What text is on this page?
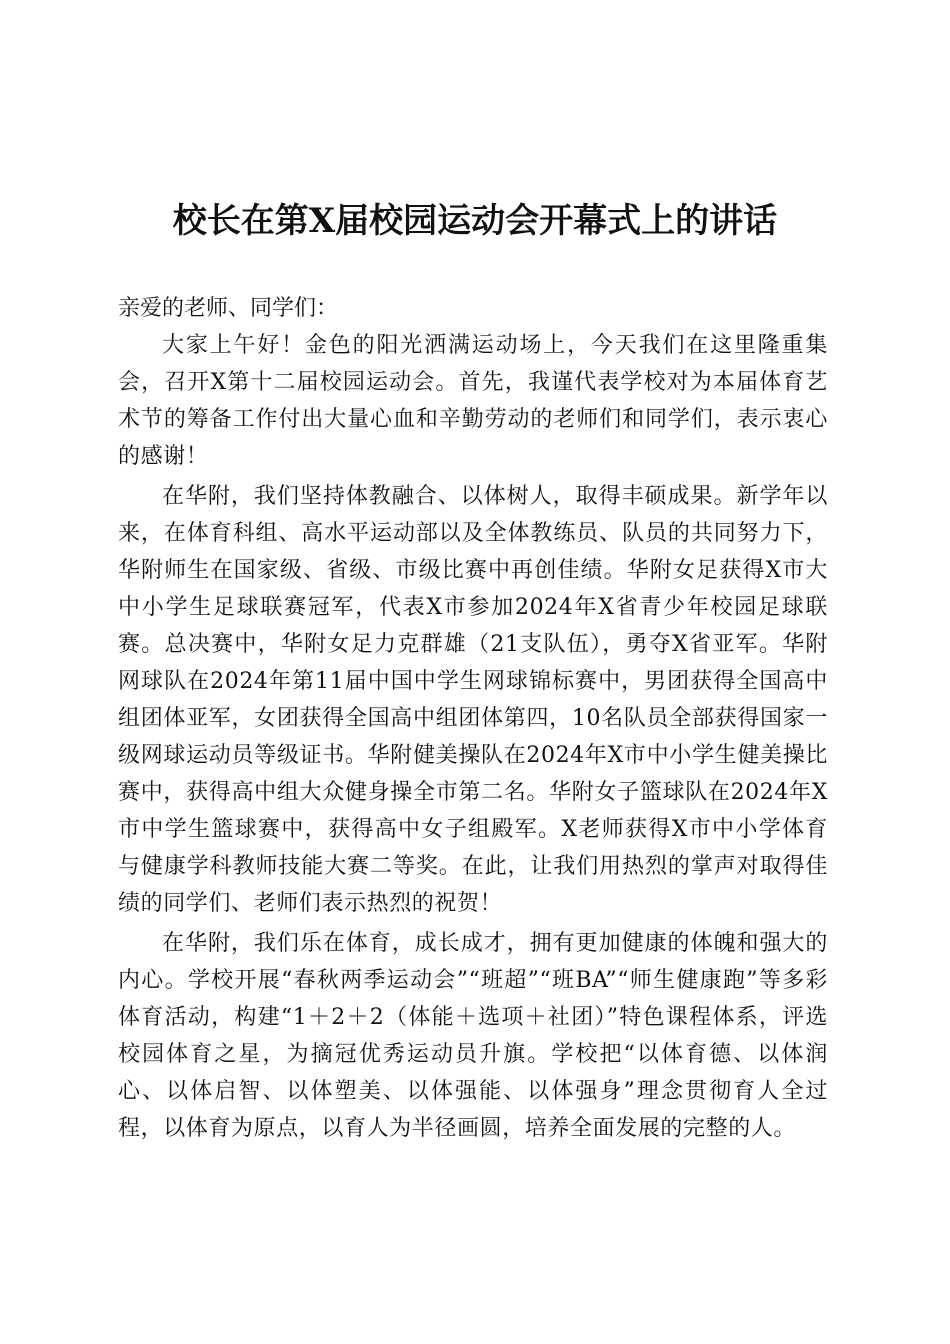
校长在第X届校园运动会开幕式上的讲话

亲爱的老师、同学们：

大家上午好！金色的阳光洒满运动场上，今天我们在这里隆重集会，召开X第十二届校园运动会。首先，我谨代表学校对为本届体育艺术节的筹备工作付出大量心血和辛勤劳动的老师们和同学们，表示衷心的感谢！

在华附，我们坚持体教融合、以体树人，取得丰硕成果。新学年以来，在体育科组、高水平运动部以及全体教练员、队员的共同努力下，华附师生在国家级、省级、市级比赛中再创佳绩。华附女足获得X市大中小学生足球联赛冠军，代表X市参加2024年X省青少年校园足球联赛。总决赛中，华附女足力克群雄（21支队伍），勇夺X省亚军。华附网球队在2024年第11届中国中学生网球锦标赛中，男团获得全国高中组团体亚军，女团获得全国高中组团体第四，10名队员全部获得国家一级网球运动员等级证书。华附健美操队在2024年X市中小学生健美操比赛中，获得高中组大众健身操全市第二名。华附女子篮球队在2024年X市中学生篮球赛中，获得高中女子组殿军。X老师获得X市中小学体育与健康学科教师技能大赛二等奖。在此，让我们用热烈的掌声对取得佳绩的同学们、老师们表示热烈的祝贺！

在华附，我们乐在体育，成长成才，拥有更加健康的体魄和强大的内心。学校开展“春秋两季运动会”“班超”“班BA”“师生健康跑”等多彩体育活动，构建“1＋2＋2（体能＋选项＋社团）”特色课程体系，评选校园体育之星，为摘冠优秀运动员升旗。学校把“以体育德、以体润心、以体启智、以体塑美、以体强能、以体强身”理念贯彻育人全过程，以体育为原点，以育人为半径画圆，培养全面发展的完整的人。
